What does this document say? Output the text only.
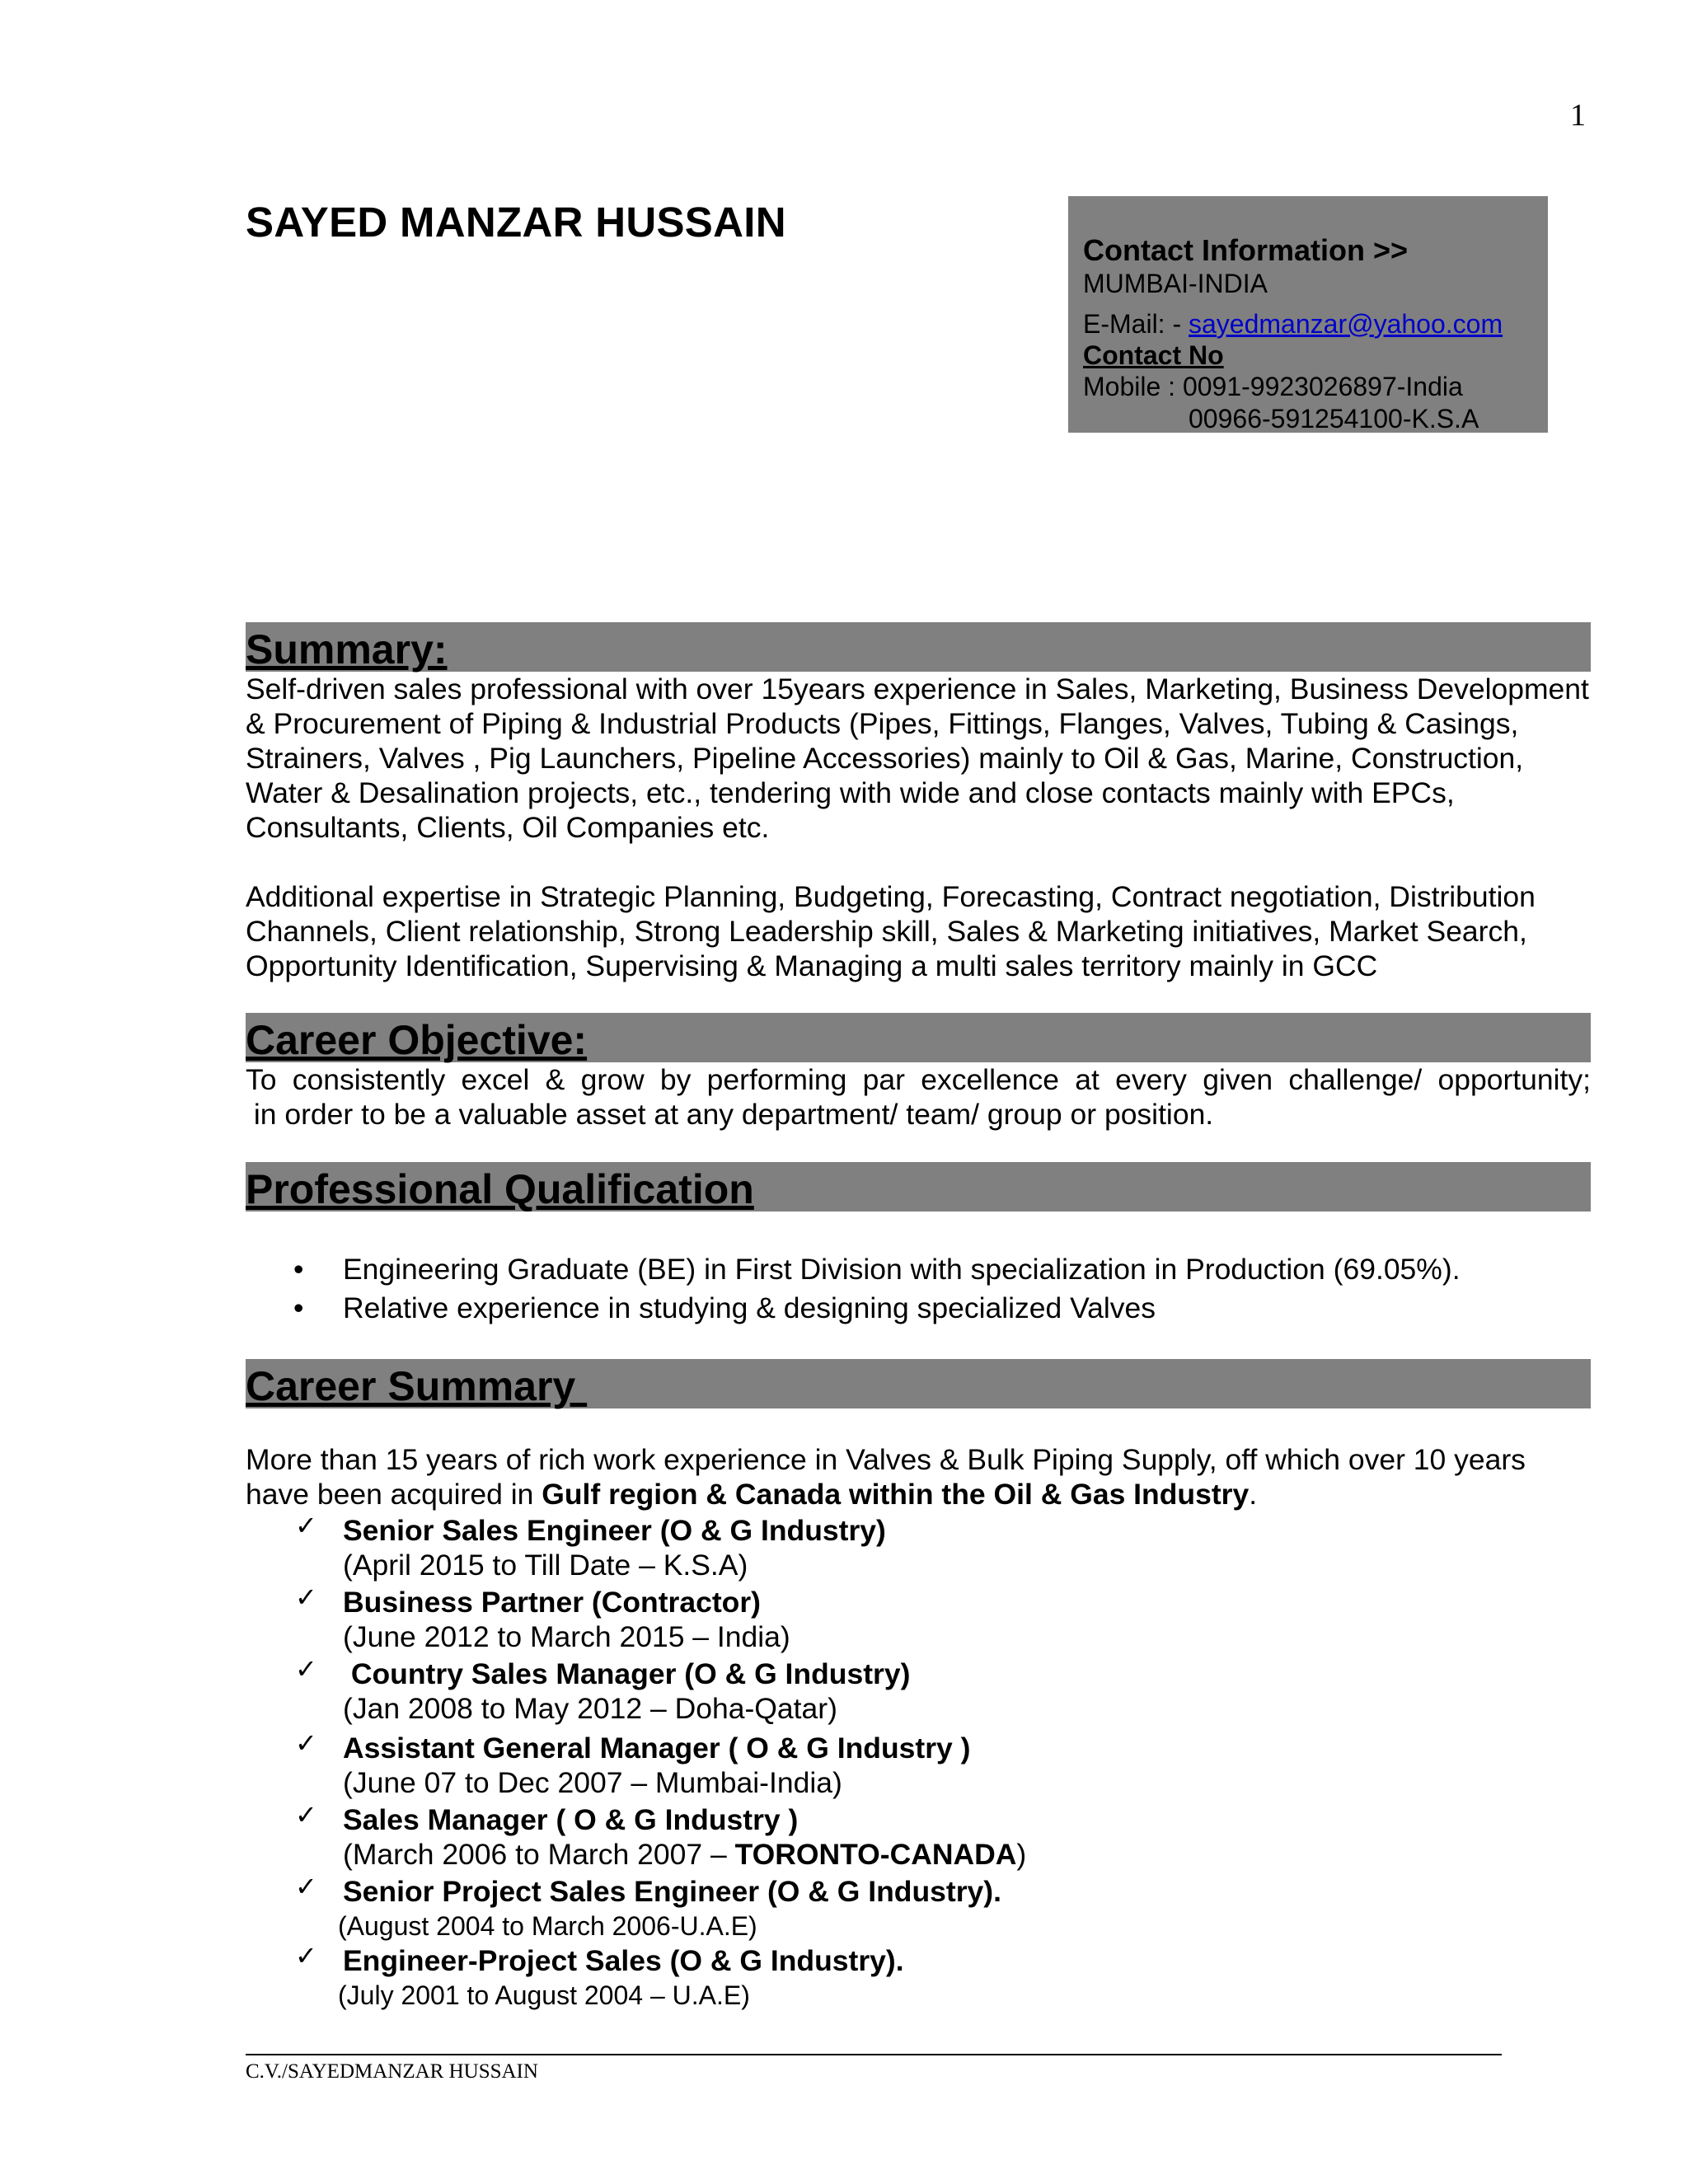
1
SAYED MANZAR HUSSAIN
Contact Information >>
MUMBAI-INDIA
E-Mail: - sayedmanzar@yahoo.com
Contact No
Mobile : 0091-9923026897-India
00966-591254100-K.S.A
Summary:
Self-driven sales professional with over 15years experience in Sales, Marketing, Business Development & Procurement of Piping & Industrial Products (Pipes, Fittings, Flanges, Valves, Tubing & Casings, Strainers, Valves , Pig Launchers, Pipeline Accessories) mainly to Oil & Gas, Marine, Construction, Water & Desalination projects, etc., tendering with wide and close contacts mainly with EPCs, Consultants, Clients, Oil Companies etc.
Additional expertise in Strategic Planning, Budgeting, Forecasting, Contract negotiation, Distribution Channels, Client relationship, Strong Leadership skill, Sales & Marketing initiatives, Market Search, Opportunity Identification, Supervising & Managing a multi sales territory mainly in GCC
Career Objective:
To consistently excel & grow by performing par excellence at every given challenge/ opportunity;
in order to be a valuable asset at any department/ team/ group or position.
Professional Qualification
• Engineering Graduate (BE) in First Division with specialization in Production (69.05%).
• Relative experience in studying & designing specialized Valves
Career Summary
More than 15 years of rich work experience in Valves & Bulk Piping Supply, off which over 10 years have been acquired in Gulf region & Canada within the Oil & Gas Industry.
✓ Senior Sales Engineer (O & G Industry)
(April 2015 to Till Date – K.S.A)
✓ Business Partner (Contractor)
(June 2012 to March 2015 – India)
✓ Country Sales Manager (O & G Industry)
(Jan 2008 to May 2012 – Doha-Qatar)
✓ Assistant General Manager ( O & G Industry )
(June 07 to Dec 2007 – Mumbai-India)
✓ Sales Manager ( O & G Industry )
(March 2006 to March 2007 – TORONTO-CANADA)
✓ Senior Project Sales Engineer (O & G Industry).
(August 2004 to March 2006-U.A.E)
✓ Engineer-Project Sales (O & G Industry).
(July 2001 to August 2004 – U.A.E)
C.V./SAYEDMANZAR HUSSAIN
